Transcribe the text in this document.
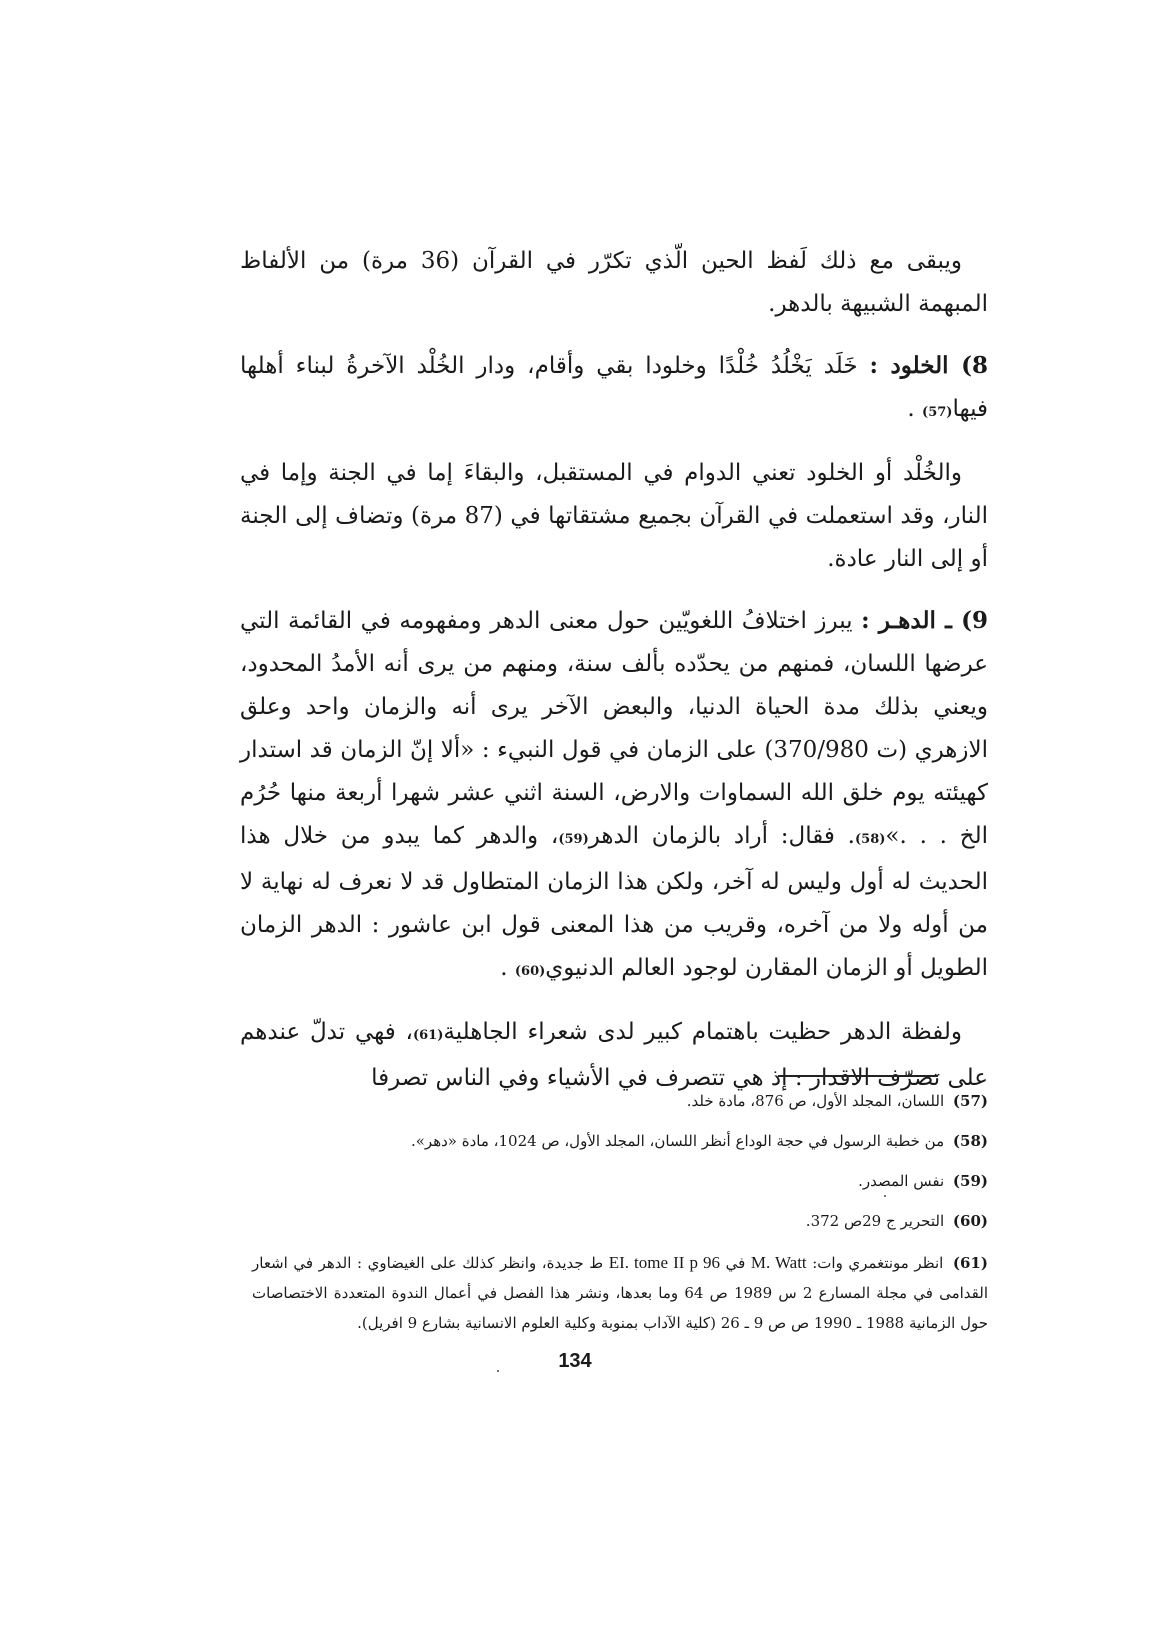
ويبقى مع ذلك لَفظ الحين الّذي تكرّر في القرآن (36 مرة) من الألفاظ المبهمة الشبيهة بالدهر.

8) الخلود : خَلَد يَخْلُدُ خُلْدًا وخلودا بقي وأقام، ودار الخُلْد الآخرةُ لبناء أهلها فيها(57) .

والخُلْد أو الخلود تعني الدوام في المستقبل، والبقاءَ إما في الجنة وإما في النار، وقد استعملت في القرآن بجميع مشتقاتها في (87 مرة) وتضاف إلى الجنة أو إلى النار عادة.

9) ـ الدهـر : يبرز اختلافُ اللغويّين حول معنى الدهر ومفهومه في القائمة التي عرضها اللسان، فمنهم من يحدّده بألف سنة، ومنهم من يرى أنه الأمدُ المحدود، ويعني بذلك مدة الحياة الدنيا، والبعض الآخر يرى أنه والزمان واحد وعلق الازهري (ت 370/980) على الزمان في قول النبيء : «ألا إنّ الزمان قد استدار كهيئته يوم خلق الله السماوات والارض، السنة اثني عشر شهرا أربعة منها حُرُم الخ . . .»(58). فقال: أراد بالزمان الدهر(59)، والدهر كما يبدو من خلال هذا الحديث له أول وليس له آخر، ولكن هذا الزمان المتطاول قد لا نعرف له نهاية لا من أوله ولا من آخره، وقريب من هذا المعنى قول ابن عاشور : الدهر الزمان الطويل أو الزمان المقارن لوجود العالم الدنيوي(60) .

ولفظة الدهر حظيت باهتمام كبير لدى شعراء الجاهلية(61)، فهي تدلّ عندهم على تصرّف الاقدار : إذ هي تتصرف في الأشياء وفي الناس تصرفا

(57) اللسان، المجلد الأول، ص 876، مادة خلد.

(58) من خطبة الرسول في حجة الوداع أنظر اللسان، المجلد الأول، ص 1024، مادة «دهر».

(59) نفس المصدر.

(60) التحرير ج 29ص 372.

(61) انظر مونتغمري وات: M. Watt في EI. tome II p 96 ط جديدة، وانظر كذلك على الغيضاوي : الدهر في اشعار القدامى في مجلة المسارع 2 س 1989 ص 64 وما بعدها، ونشر هذا الفصل في أعمال الندوة المتعددة الاختصاصات حول الزمانية 1988 ـ 1990 ص ص 9 ـ 26 (كلية الآداب بمنوبة وكلية العلوم الانسانية بشارع 9 افريل).

134
